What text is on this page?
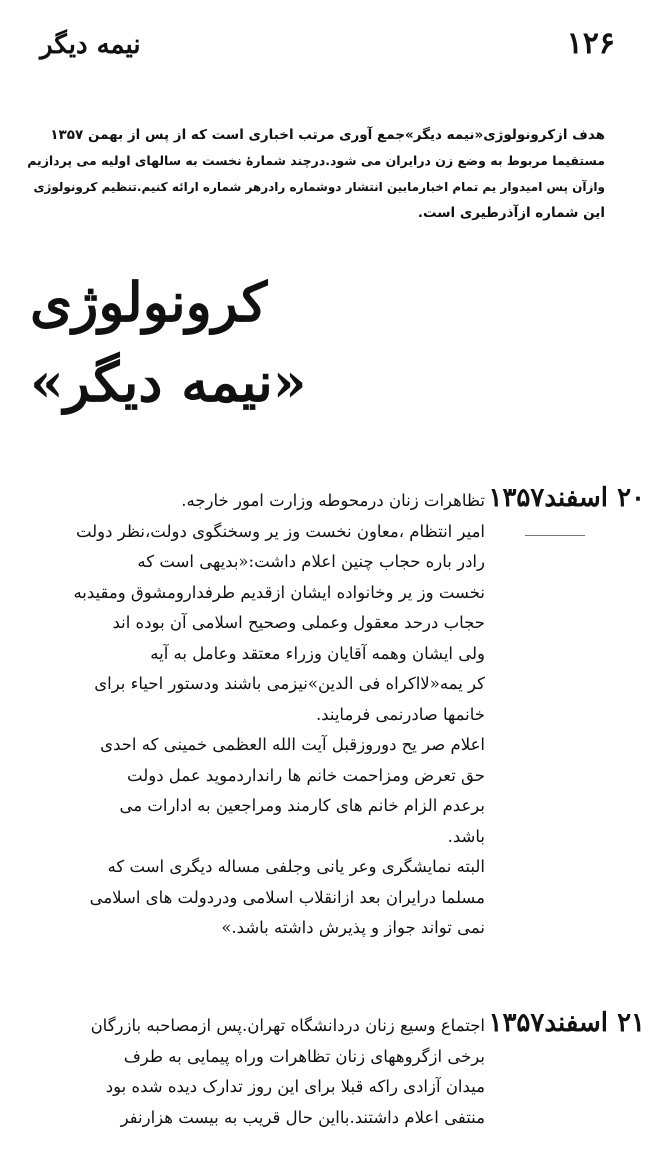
نیمه دیگر	۱۲۶
هدف ازکرونولوژی«نیمه دیگر»جمع آوری مرتب اخباری است که از پس از بهمن ۱۳۵۷
مستقیما مربوط به وضع زن درایران می شود.درچند شمارهٔ نخست به سالهای اولیه می پردازیم
وازآن پس امیدوار یم تمام اخبارمابین انتشار دوشماره رادرهر شماره ارائه کنیم.تنظیم کرونولوژی
این شماره ازآذرطیری است.
کرونولوژی
«نیمه دیگر»
۲۰ اسفند۱۳۵۷
تظاهرات زنان درمحوطه وزارت امور خارجه.
امیر انتظام ،معاون نخست وز یر وسخنگوی دولت،نظر دولت
رادر باره حجاب چنین اعلام داشت:«بدیهی است که
نخست وز یر وخانواده ایشان ازقدیم طرفدارومشوق ومقیدبه
حجاب درحد معقول وعملی وصحیح اسلامی آن بوده اند
ولی ایشان وهمه آقایان وزراء معتقد وعامل به آیه
کر یمه«لااکراه فی الدین»نیزمی باشند ودستور احیاء برای
خانمها صادرنمی فرمایند.
اعلام صر یح دوروزقبل آیت الله العظمی خمینی که احدی
حق تعرض ومزاحمت خانم ها رانداردموید عمل دولت
برعدم الزام خانم های کارمند ومراجعین به ادارات می
باشد.
البته نمایشگری وعر یانی وجلفی مساله دیگری است که
مسلما درایران بعد ازانقلاب اسلامی ودردولت های اسلامی
نمی تواند جواز و پذیرش داشته باشد.»
۲۱ اسفند۱۳۵۷
اجتماع وسیع زنان دردانشگاه تهران.پس ازمصاحبه بازرگان
برخی ازگروههای زنان تظاهرات وراه پیمایی به طرف
میدان آزادی راکه قبلا برای این روز تدارک دیده شده بود
منتفی اعلام داشتند.بااین حال قریب به بیست هزارنفر
